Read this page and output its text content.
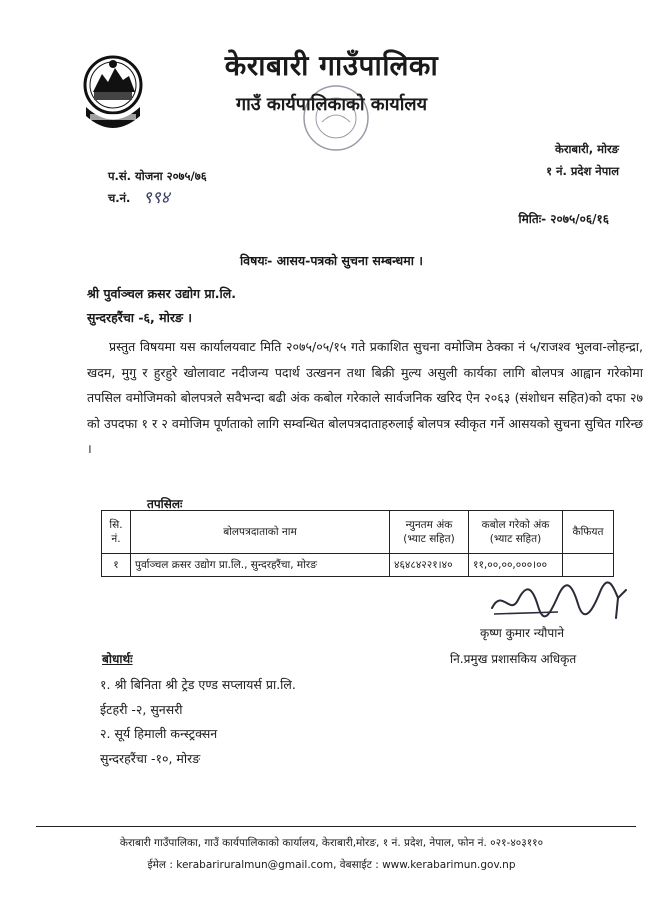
केराबारी गाउँपालिका
गाउँ कार्यपालिकाको कार्यालय
केराबारी, मोरङ
१ नं. प्रदेश नेपाल
प.सं. योजना २०७५/७६
च.नं. ९९४
मितिः- २०७५/०६/१६
विषयः- आसय-पत्रको सुचना सम्बन्धमा ।
श्री पुर्वाञ्चल क्रसर उद्योग प्रा.लि.
सुन्दरहरैंचा -६, मोरङ ।

प्रस्तुत विषयमा यस कार्यालयवाट मिति २०७५/०५/१५ गते प्रकाशित सुचना वमोजिम ठेक्का नं ५/राजश्व भुलवा-लोहन्द्रा, खदम, मुगु र हुरहुरे खोलावाट नदीजन्य पदार्थ उत्खनन तथा बिक्री मुल्य असुली कार्यका लागि बोलपत्र आह्वान गरेकोमा तपसिल वमोजिमको बोलपत्रले सवैभन्दा बढी अंक कबोल गरेकाले सार्वजनिक खरिद ऐन २०६३ (संशोधन सहित)को दफा २७ को उपदफा १ र २ वमोजिम पूर्णताको लागि सम्वन्धित बोलपत्रदाताहरुलाई बोलपत्र स्वीकृत गर्ने आसयको सुचना सुचित गरिन्छ ।

तपसिलः
सि. नं.	बोलपत्रदाताको नाम	न्युनतम अंक (भ्याट सहित)	कबोल गरेको अंक (भ्याट सहित)	कैफियत
१	पुर्वाञ्चल क्रसर उद्योग प्रा.लि., सुन्दरहरैंचा, मोरङ	४६४८४२२१।४०	११,००,००,०००।००	
कृष्ण कुमार न्यौपाने
नि.प्रमुख प्रशासकिय अधिकृत
बोधार्थः
१. श्री बिनिता श्री ट्रेड एण्ड सप्लायर्स प्रा.लि.
ईटहरी -२, सुनसरी
२. सूर्य हिमाली कन्स्ट्रक्सन
सुन्दरहरैंचा -१०, मोरङ
केराबारी गाउँपालिका, गाउँ कार्यपालिकाको कार्यालय, केराबारी,मोरङ, १ नं. प्रदेश, नेपाल, फोन नं. ०२१-४०३११०
ईमेल : kerabariruralmun@gmail.com, वेबसाईट : www.kerabarimun.gov.np
